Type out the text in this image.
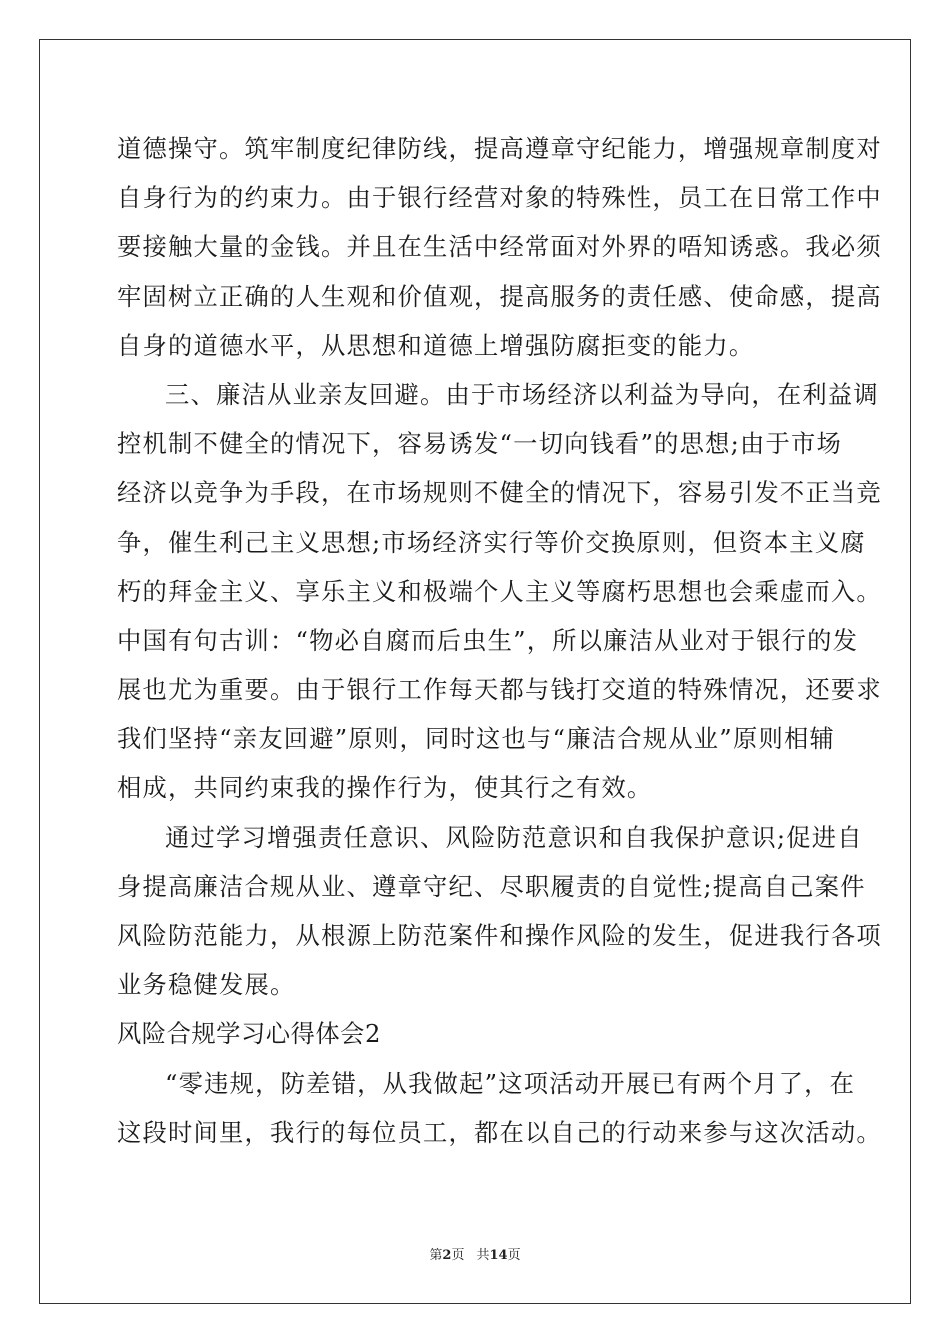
道德操守。筑牢制度纪律防线，提高遵章守纪能力，增强规章制度对
自身行为的约束力。由于银行经营对象的特殊性，员工在日常工作中
要接触大量的金钱。并且在生活中经常面对外界的唔知诱惑。我必须
牢固树立正确的人生观和价值观，提高服务的责任感、使命感，提高
自身的道德水平，从思想和道德上增强防腐拒变的能力。
三、廉洁从业亲友回避。由于市场经济以利益为导向，在利益调
控机制不健全的情况下，容易诱发“一切向钱看”的思想;由于市场
经济以竞争为手段，在市场规则不健全的情况下，容易引发不正当竞
争，催生利己主义思想;市场经济实行等价交换原则，但资本主义腐
朽的拜金主义、享乐主义和极端个人主义等腐朽思想也会乘虚而入。
中国有句古训：“物必自腐而后虫生”，所以廉洁从业对于银行的发
展也尤为重要。由于银行工作每天都与钱打交道的特殊情况，还要求
我们坚持“亲友回避”原则，同时这也与“廉洁合规从业”原则相辅
相成，共同约束我的操作行为，使其行之有效。
通过学习增强责任意识、风险防范意识和自我保护意识;促进自
身提高廉洁合规从业、遵章守纪、尽职履责的自觉性;提高自己案件
风险防范能力，从根源上防范案件和操作风险的发生，促进我行各项
业务稳健发展。
风险合规学习心得体会2
“零违规，防差错，从我做起”这项活动开展已有两个月了，在
这段时间里，我行的每位员工，都在以自己的行动来参与这次活动。
第2页 共14页
